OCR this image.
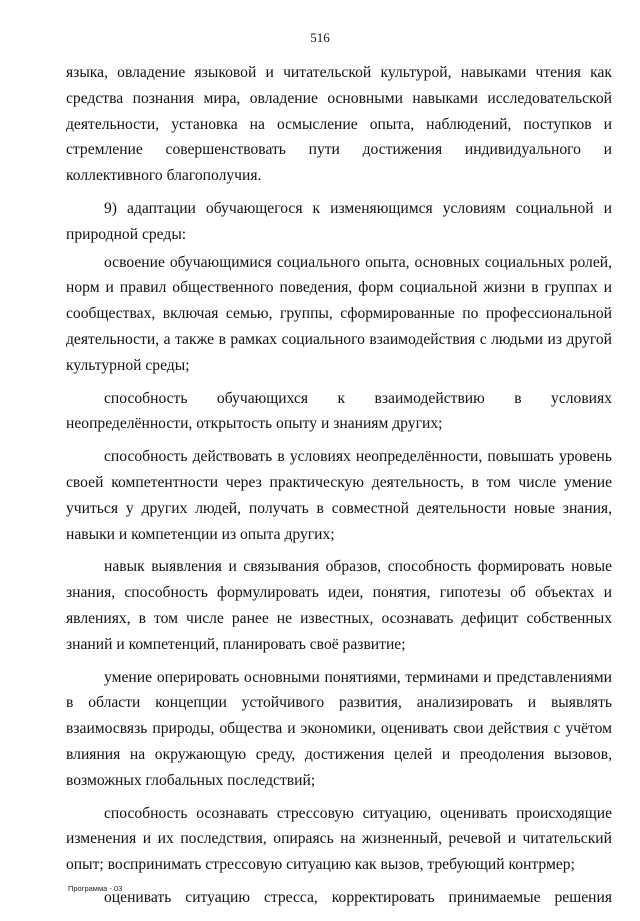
516

языка, овладение языковой и читательской культурой, навыками чтения как средства познания мира, овладение основными навыками исследовательской деятельности, установка на осмысление опыта, наблюдений, поступков и стремление совершенствовать пути достижения индивидуального и коллективного благополучия.

9) адаптации обучающегося к изменяющимся условиям социальной и природной среды:

освоение обучающимися социального опыта, основных социальных ролей, норм и правил общественного поведения, форм социальной жизни в группах и сообществах, включая семью, группы, сформированные по профессиональной деятельности, а также в рамках социального взаимодействия с людьми из другой культурной среды;

способность обучающихся к взаимодействию в условиях неопределённости, открытость опыту и знаниям других;

способность действовать в условиях неопределённости, повышать уровень своей компетентности через практическую деятельность, в том числе умение учиться у других людей, получать в совместной деятельности новые знания, навыки и компетенции из опыта других;

навык выявления и связывания образов, способность формировать новые знания, способность формулировать идеи, понятия, гипотезы об объектах и явлениях, в том числе ранее не известных, осознавать дефицит собственных знаний и компетенций, планировать своё развитие;

умение оперировать основными понятиями, терминами и представлениями в области концепции устойчивого развития, анализировать и выявлять взаимосвязь природы, общества и экономики, оценивать свои действия с учётом влияния на окружающую среду, достижения целей и преодоления вызовов, возможных глобальных последствий;

способность осознавать стрессовую ситуацию, оценивать происходящие изменения и их последствия, опираясь на жизненный, речевой и читательский опыт; воспринимать стрессовую ситуацию как вызов, требующий контрмер;

оценивать ситуацию стресса, корректировать принимаемые решения

Программа - 03
